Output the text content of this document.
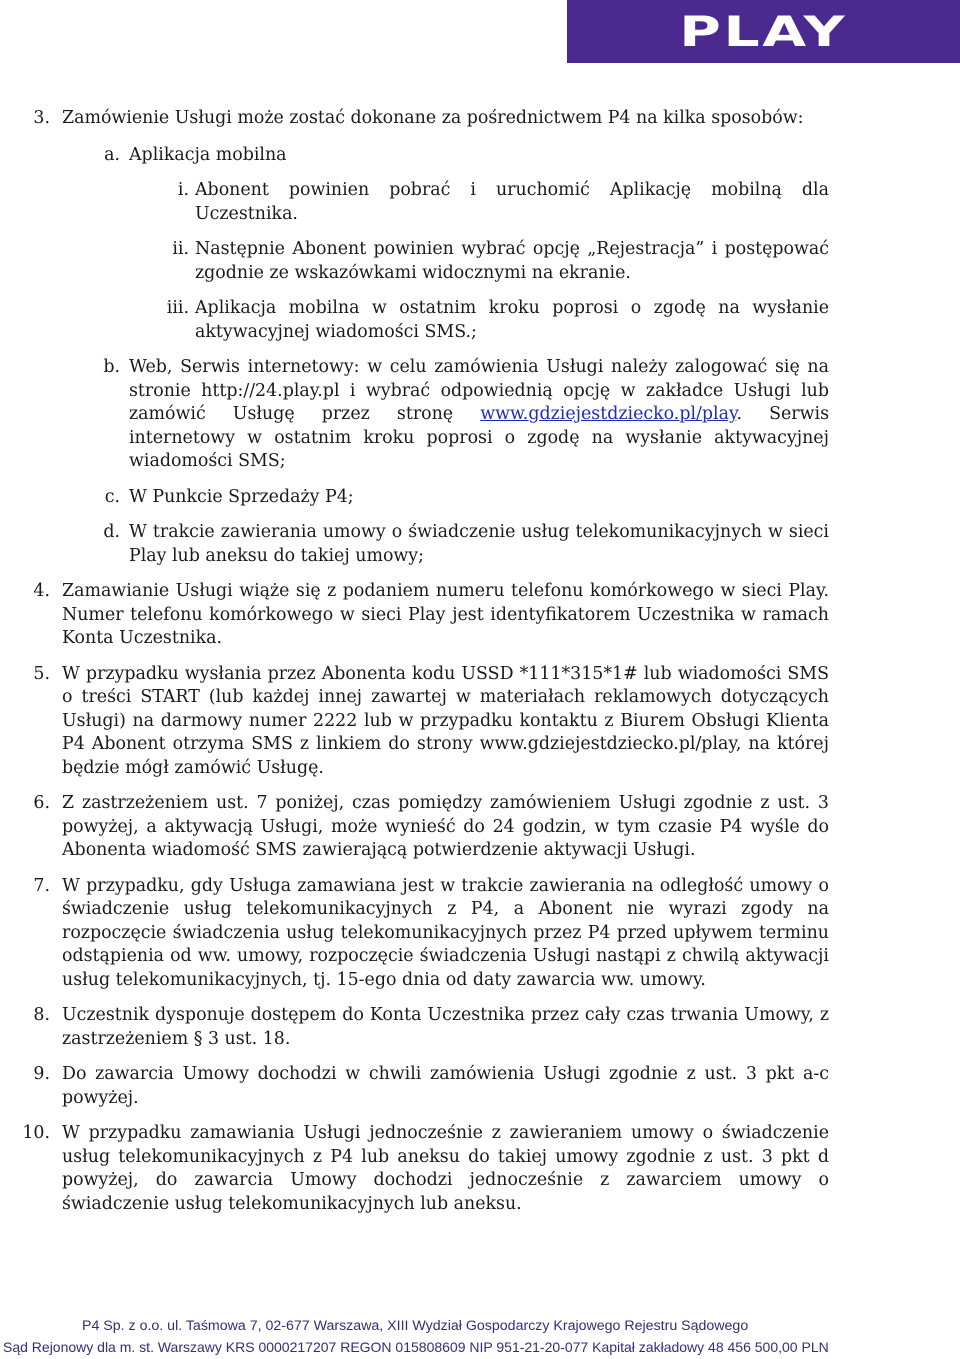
PLAY
3. Zamówienie Usługi może zostać dokonane za pośrednictwem P4 na kilka sposobów:
a. Aplikacja mobilna
i. Abonent powinien pobrać i uruchomić Aplikację mobilną dla Uczestnika.
ii. Następnie Abonent powinien wybrać opcję „Rejestracja” i postępować zgodnie ze wskazówkami widocznymi na ekranie.
iii. Aplikacja mobilna w ostatnim kroku poprosi o zgodę na wysłanie aktywacyjnej wiadomości SMS.;
b. Web, Serwis internetowy: w celu zamówienia Usługi należy zalogować się na stronie http://24.play.pl i wybrać odpowiednią opcję w zakładce Usługi lub zamówić Usługę przez stronę www.gdziejestdziecko.pl/play. Serwis internetowy w ostatnim kroku poprosi o zgodę na wysłanie aktywacyjnej wiadomości SMS;
c. W Punkcie Sprzedaży P4;
d. W trakcie zawierania umowy o świadczenie usług telekomunikacyjnych w sieci Play lub aneksu do takiej umowy;
4. Zamawianie Usługi wiąże się z podaniem numeru telefonu komórkowego w sieci Play. Numer telefonu komórkowego w sieci Play jest identyfikatorem Uczestnika w ramach Konta Uczestnika.
5. W przypadku wysłania przez Abonenta kodu USSD *111*315*1# lub wiadomości SMS o treści START (lub każdej innej zawartej w materiałach reklamowych dotyczących Usługi) na darmowy numer 2222 lub w przypadku kontaktu z Biurem Obsługi Klienta P4 Abonent otrzyma SMS z linkiem do strony www.gdziejestdziecko.pl/play, na której będzie mógł zamówić Usługę.
6. Z zastrzeżeniem ust. 7 poniżej, czas pomiędzy zamówieniem Usługi zgodnie z ust. 3 powyżej, a aktywacją Usługi, może wynieść do 24 godzin, w tym czasie P4 wyśle do Abonenta wiadomość SMS zawierającą potwierdzenie aktywacji Usługi.
7. W przypadku, gdy Usługa zamawiana jest w trakcie zawierania na odległość umowy o świadczenie usług telekomunikacyjnych z P4, a Abonent nie wyrazi zgody na rozpoczęcie świadczenia usług telekomunikacyjnych przez P4 przed upływem terminu odstąpienia od ww. umowy, rozpoczęcie świadczenia Usługi nastąpi z chwilą aktywacji usług telekomunikacyjnych, tj. 15-ego dnia od daty zawarcia ww. umowy.
8. Uczestnik dysponuje dostępem do Konta Uczestnika przez cały czas trwania Umowy, z zastrzeżeniem § 3 ust. 18.
9. Do zawarcia Umowy dochodzi w chwili zamówienia Usługi zgodnie z ust. 3 pkt a-c powyżej.
10. W przypadku zamawiania Usługi jednocześnie z zawieraniem umowy o świadczenie usług telekomunikacyjnych z P4 lub aneksu do takiej umowy zgodnie z ust. 3 pkt d powyżej, do zawarcia Umowy dochodzi jednocześnie z zawarciem umowy o świadczenie usług telekomunikacyjnych lub aneksu.
P4 Sp. z o.o. ul. Taśmowa 7, 02-677 Warszawa, XIII Wydział Gospodarczy Krajowego Rejestru Sądowego
Sąd Rejonowy dla m. st. Warszawy KRS 0000217207 REGON 015808609 NIP 951-21-20-077 Kapitał zakładowy 48 456 500,00 PLN
